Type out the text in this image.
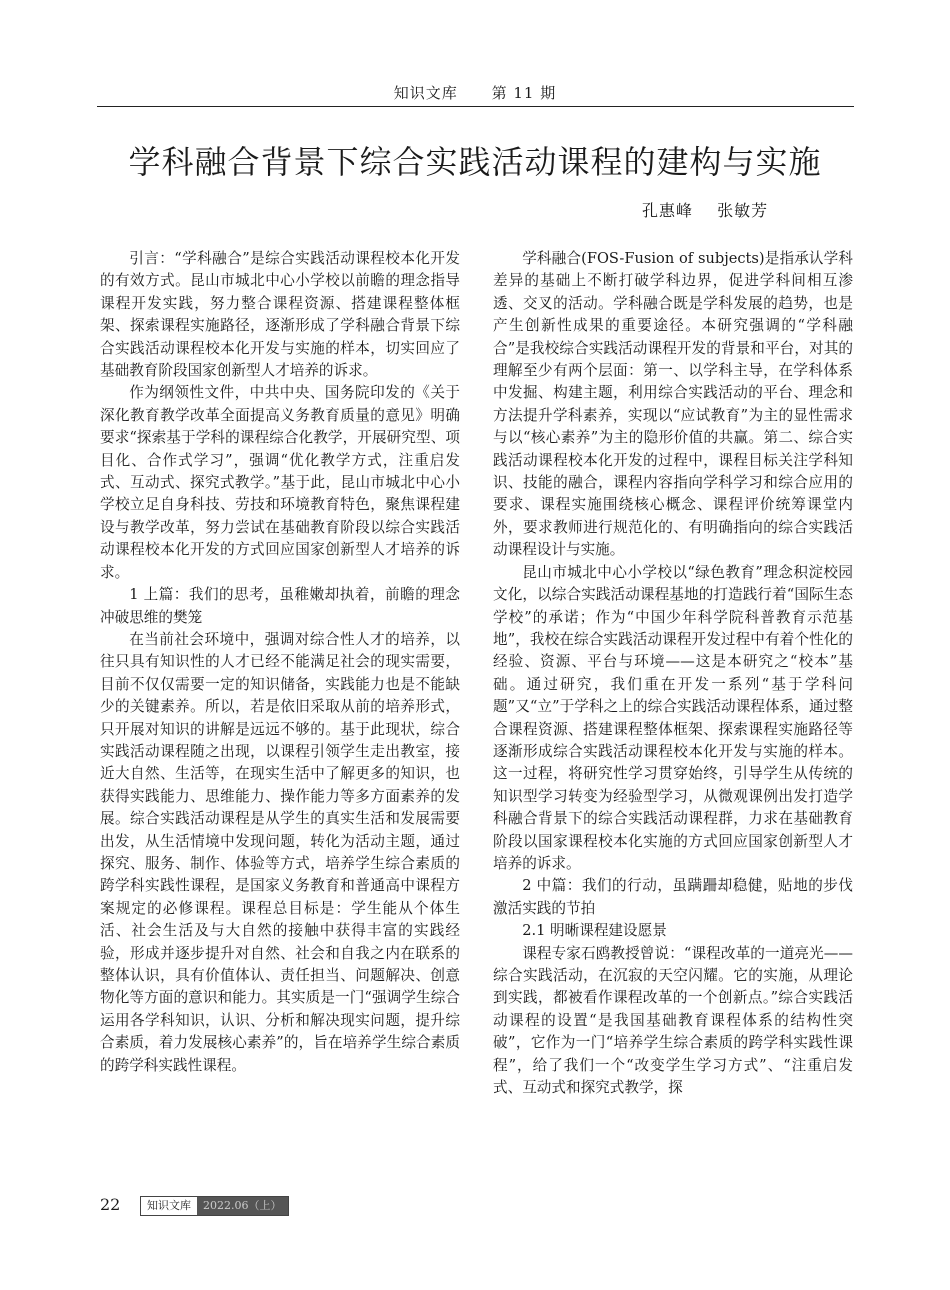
知识文库 第 11 期
学科融合背景下综合实践活动课程的建构与实施
孔惠峰 张敏芳

引言：“学科融合”是综合实践活动课程校本化开发的有效方式。昆山市城北中心小学校以前瞻的理念指导课程开发实践，努力整合课程资源、搭建课程整体框架、探索课程实施路径，逐渐形成了学科融合背景下综合实践活动课程校本化开发与实施的样本，切实回应了基础教育阶段国家创新型人才培养的诉求。

作为纲领性文件，中共中央、国务院印发的《关于深化教育教学改革全面提高义务教育质量的意见》明确要求“探索基于学科的课程综合化教学，开展研究型、项目化、合作式学习”，强调“优化教学方式，注重启发式、互动式、探究式教学。”基于此，昆山市城北中心小学校立足自身科技、劳技和环境教育特色，聚焦课程建设与教学改革，努力尝试在基础教育阶段以综合实践活动课程校本化开发的方式回应国家创新型人才培养的诉求。

1 上篇：我们的思考，虽稚嫩却执着，前瞻的理念冲破思维的樊笼

在当前社会环境中，强调对综合性人才的培养，以往只具有知识性的人才已经不能满足社会的现实需要，目前不仅仅需要一定的知识储备，实践能力也是不能缺少的关键素养。所以，若是依旧采取从前的培养形式，只开展对知识的讲解是远远不够的。基于此现状，综合实践活动课程随之出现，以课程引领学生走出教室，接近大自然、生活等，在现实生活中了解更多的知识，也获得实践能力、思维能力、操作能力等多方面素养的发展。综合实践活动课程是从学生的真实生活和发展需要出发，从生活情境中发现问题，转化为活动主题，通过探究、服务、制作、体验等方式，培养学生综合素质的跨学科实践性课程，是国家义务教育和普通高中课程方案规定的必修课程。课程总目标是：学生能从个体生活、社会生活及与大自然的接触中获得丰富的实践经验，形成并逐步提升对自然、社会和自我之内在联系的整体认识，具有价值体认、责任担当、问题解决、创意物化等方面的意识和能力。其实质是一门“强调学生综合运用各学科知识，认识、分析和解决现实问题，提升综合素质，着力发展核心素养”的，旨在培养学生综合素质的跨学科实践性课程。

学科融合(FOS-Fusion of subjects)是指承认学科差异的基础上不断打破学科边界，促进学科间相互渗透、交叉的活动。学科融合既是学科发展的趋势，也是产生创新性成果的重要途径。本研究强调的“学科融合”是我校综合实践活动课程开发的背景和平台，对其的理解至少有两个层面：第一、以学科主导，在学科体系中发掘、构建主题，利用综合实践活动的平台、理念和方法提升学科素养，实现以“应试教育”为主的显性需求与以“核心素养”为主的隐形价值的共赢。第二、综合实践活动课程校本化开发的过程中，课程目标关注学科知识、技能的融合，课程内容指向学科学习和综合应用的要求、课程实施围绕核心概念、课程评价统筹课堂内外，要求教师进行规范化的、有明确指向的综合实践活动课程设计与实施。

昆山市城北中心小学校以“绿色教育”理念积淀校园文化，以综合实践活动课程基地的打造践行着“国际生态学校”的承诺；作为“中国少年科学院科普教育示范基地”，我校在综合实践活动课程开发过程中有着个性化的经验、资源、平台与环境——这是本研究之“校本”基础。通过研究，我们重在开发一系列“基于学科问题”又“立”于学科之上的综合实践活动课程体系，通过整合课程资源、搭建课程整体框架、探索课程实施路径等逐渐形成综合实践活动课程校本化开发与实施的样本。这一过程，将研究性学习贯穿始终，引导学生从传统的知识型学习转变为经验型学习，从微观课例出发打造学科融合背景下的综合实践活动课程群，力求在基础教育阶段以国家课程校本化实施的方式回应国家创新型人才培养的诉求。

2 中篇：我们的行动，虽蹒跚却稳健，贴地的步伐激活实践的节拍

2.1 明晰课程建设愿景

课程专家石鸥教授曾说：“课程改革的一道亮光——综合实践活动，在沉寂的天空闪耀。它的实施，从理论到实践，都被看作课程改革的一个创新点。”综合实践活动课程的设置“是我国基础教育课程体系的结构性突破”，它作为一门“培养学生综合素质的跨学科实践性课程”，给了我们一个“改变学生学习方式”、“注重启发式、互动式和探究式教学，探

22	知识文库	2022.06（上）
